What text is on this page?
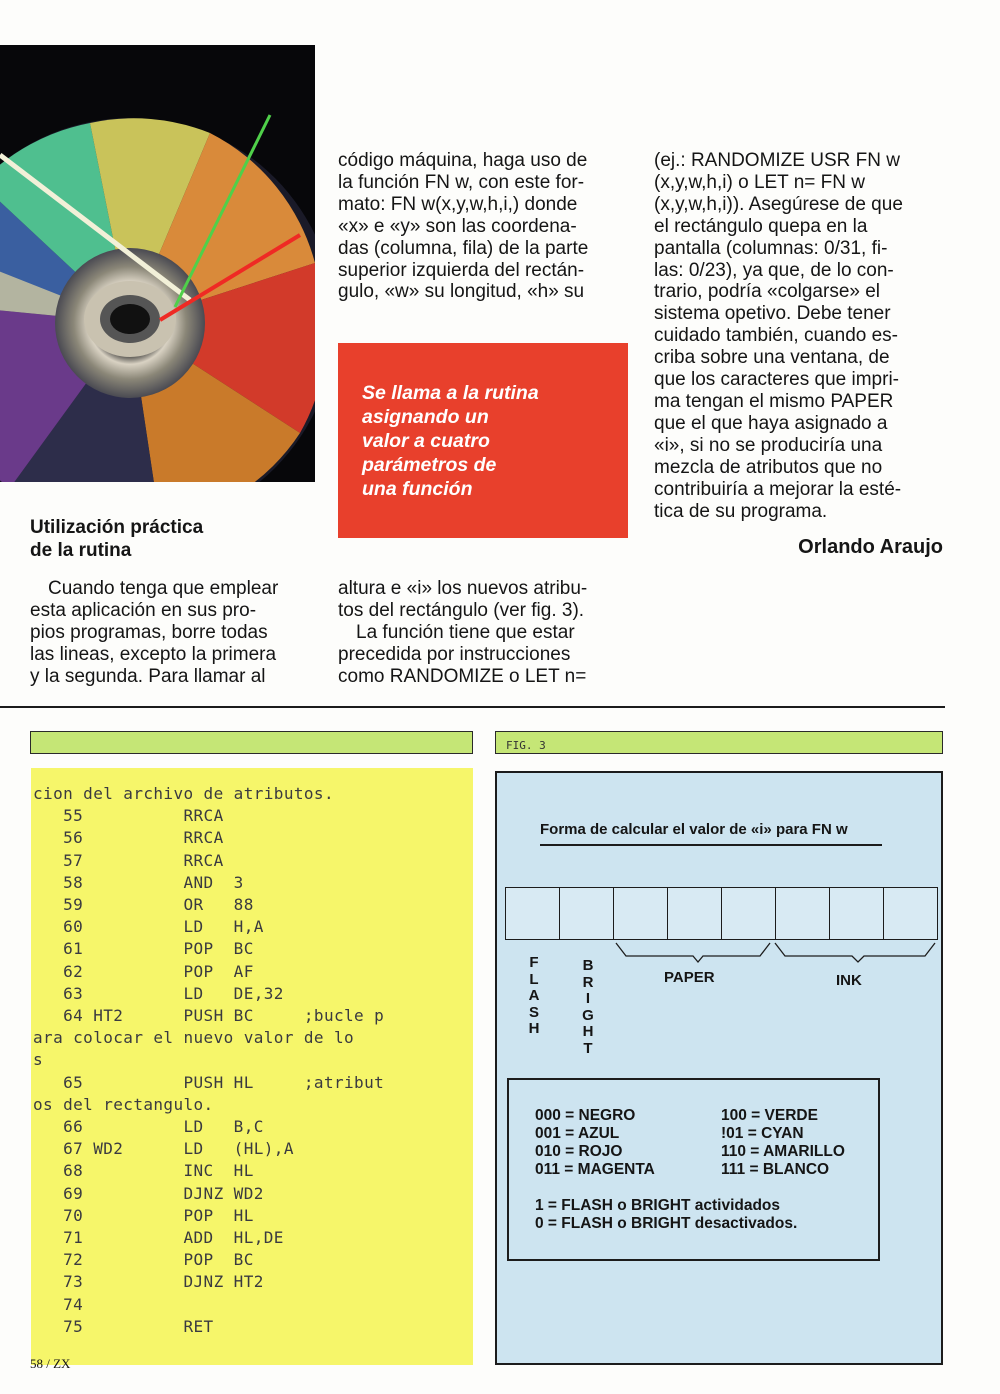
Utilización práctica
de la rutina

Cuando tenga que emplear

esta aplicación en sus pro-

pios programas, borre todas

las lineas, excepto la primera

y la segunda. Para llamar al

código máquina, haga uso de

la función FN w, con este for-

mato: FN w(x,y,w,h,i,) donde

«x» e «y» son las coordena-

das (columna, fila) de la parte

superior izquierda del rectán-

gulo, «w» su longitud, «h» su

Se llama a la rutina
asignando un
valor a cuatro
parámetros de
una función

altura e «i» los nuevos atribu-

tos del rectángulo (ver fig. 3).

La función tiene que estar

precedida por instrucciones

como RANDOMIZE o LET n=

(ej.: RANDOMIZE USR FN w

(x,y,w,h,i) o LET n= FN w

(x,y,w,h,i)). Asegúrese de que

el rectángulo quepa en la

pantalla (columnas: 0/31, fi-

las: 0/23), ya que, de lo con-

trario, podría «colgarse» el

sistema opetivo. Debe tener

cuidado también, cuando es-

criba sobre una ventana, de

que los caracteres que impri-

ma tengan el mismo PAPER

que el que haya asignado a

«i», si no se produciría una

mezcla de atributos que no

contribuiría a mejorar la esté-

tica de su programa.

Orlando Araujo
cion del archivo de atributos.
55          RRCA
56          RRCA
57          RRCA
58          AND  3
59          OR   88
60          LD   H,A
61          POP  BC
62          POP  AF
63          LD   DE,32
64 HT2      PUSH BC     ;bucle p
ara colocar el nuevo valor de lo
s
65          PUSH HL     ;atribut
os del rectangulo.
66          LD   B,C
67 WD2      LD   (HL),A
68          INC  HL
69          DJNZ WD2
70          POP  HL
71          ADD  HL,DE
72          POP  BC
73          DJNZ HT2
74
75          RET
FIG. 3
Forma de calcular el valor de «i» para FN w
F
L
A
S
H
B
R
I
G
H
T
PAPER	INK
000 = NEGRO
001 = AZUL
010 = ROJO
011 = MAGENTA
100 = VERDE
!01 = CYAN
110 = AMARILLO
111 = BLANCO
1 = FLASH o BRIGHT actividados
0 = FLASH o BRIGHT desactivados.
58 / ZX
